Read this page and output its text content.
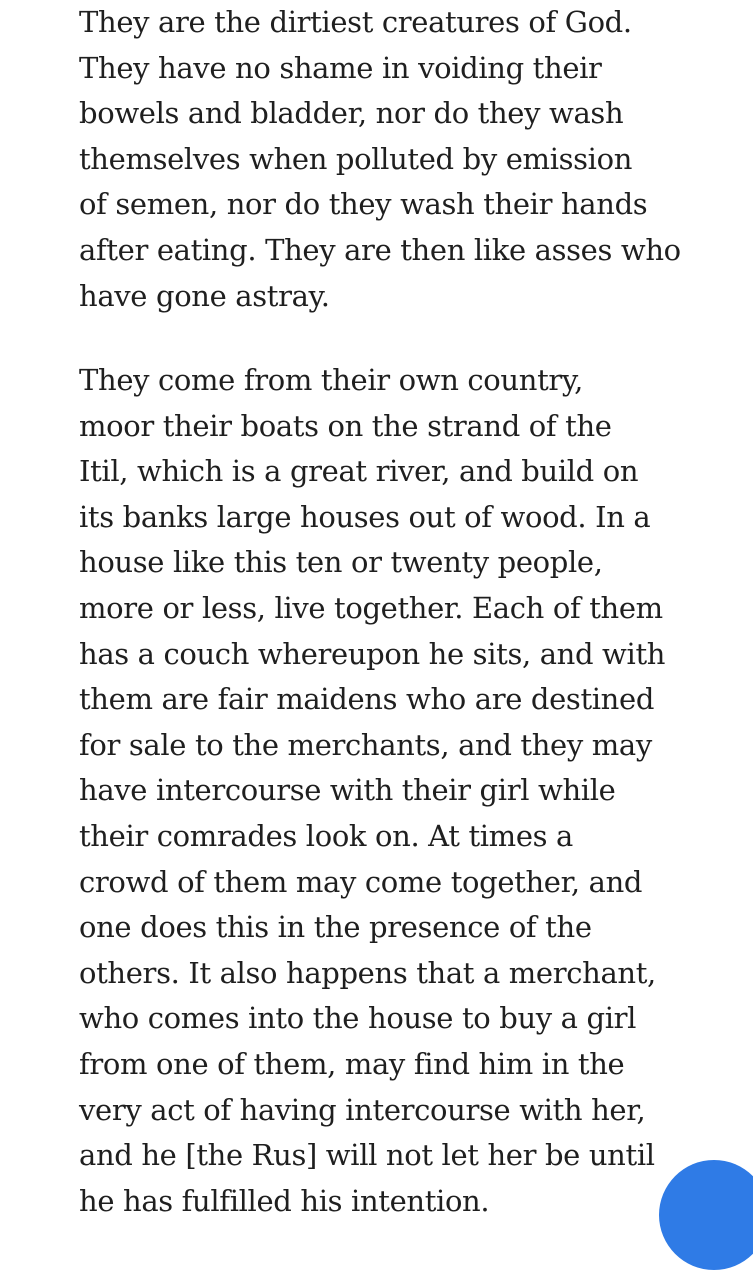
They are the dirtiest creatures of God.
They have no shame in voiding their
bowels and bladder, nor do they wash
themselves when polluted by emission
of semen, nor do they wash their hands
after eating. They are then like asses who
have gone astray.
They come from their own country,
moor their boats on the strand of the
Itil, which is a great river, and build on
its banks large houses out of wood. In a
house like this ten or twenty people,
more or less, live together. Each of them
has a couch whereupon he sits, and with
them are fair maidens who are destined
for sale to the merchants, and they may
have intercourse with their girl while
their comrades look on. At times a
crowd of them may come together, and
one does this in the presence of the
others. It also happens that a merchant,
who comes into the house to buy a girl
from one of them, may find him in the
very act of having intercourse with her,
and he [the Rus] will not let her be until
he has fulfilled his intention.
